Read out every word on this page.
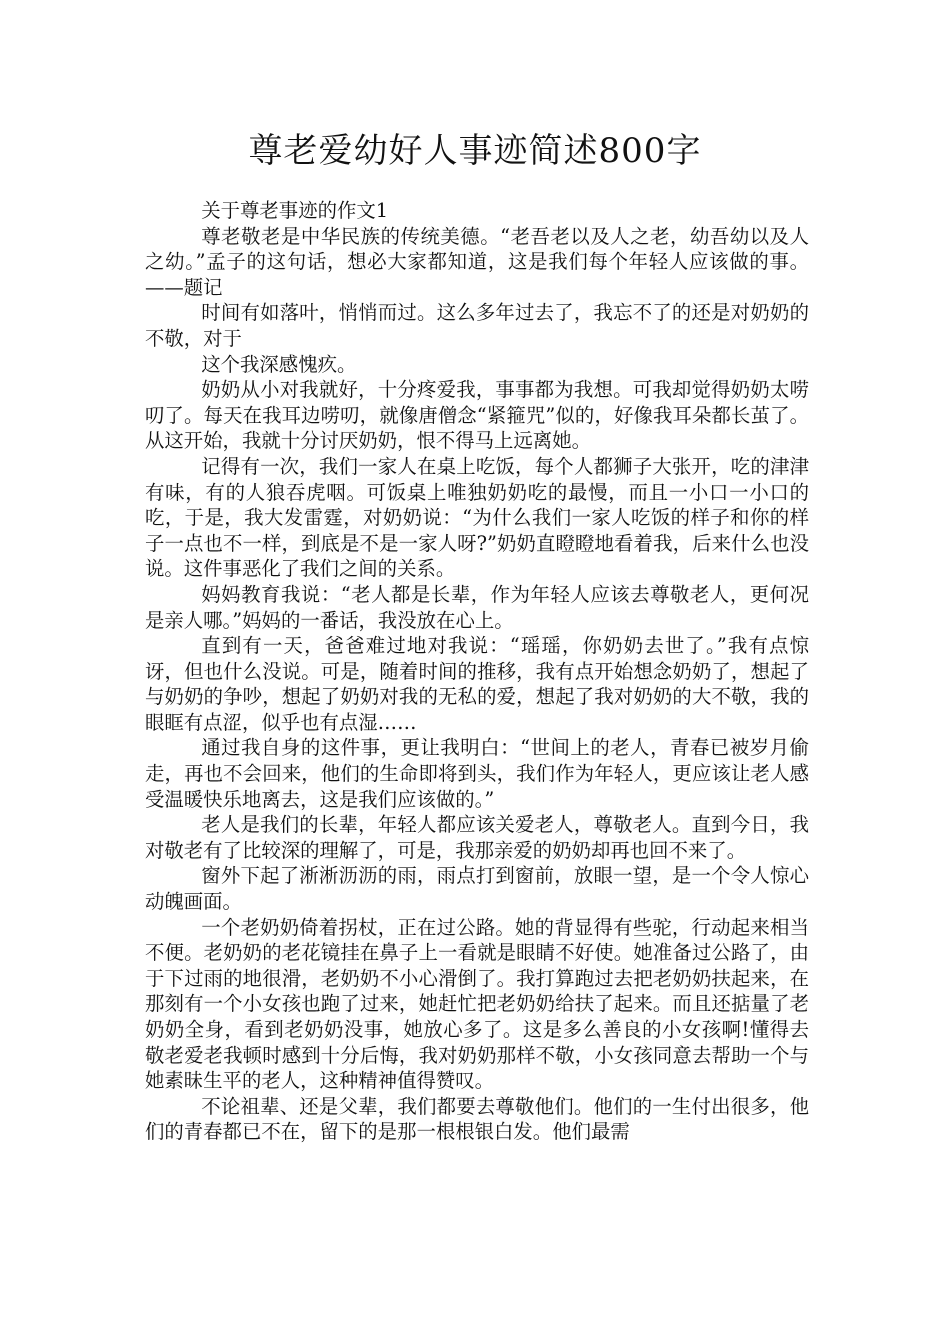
尊老爱幼好人事迹简述800字

关于尊老事迹的作文1

尊老敬老是中华民族的传统美德。“老吾老以及人之老，幼吾幼以及人之幼。”孟子的这句话，想必大家都知道，这是我们每个年轻人应该做的事。——题记

时间有如落叶，悄悄而过。这么多年过去了，我忘不了的还是对奶奶的不敬，对于

这个我深感愧疚。

奶奶从小对我就好，十分疼爱我，事事都为我想。可我却觉得奶奶太唠叨了。每天在我耳边唠叨，就像唐僧念“紧箍咒”似的，好像我耳朵都长茧了。从这开始，我就十分讨厌奶奶，恨不得马上远离她。

记得有一次，我们一家人在桌上吃饭，每个人都狮子大张开，吃的津津有味，有的人狼吞虎咽。可饭桌上唯独奶奶吃的最慢，而且一小口一小口的吃，于是，我大发雷霆，对奶奶说：“为什么我们一家人吃饭的样子和你的样子一点也不一样，到底是不是一家人呀?”奶奶直瞪瞪地看着我，后来什么也没说。这件事恶化了我们之间的关系。

妈妈教育我说：“老人都是长辈，作为年轻人应该去尊敬老人，更何况是亲人哪。”妈妈的一番话，我没放在心上。

直到有一天，爸爸难过地对我说：“瑶瑶，你奶奶去世了。”我有点惊讶，但也什么没说。可是，随着时间的推移，我有点开始想念奶奶了，想起了与奶奶的争吵，想起了奶奶对我的无私的爱，想起了我对奶奶的大不敬，我的眼眶有点涩，似乎也有点湿……

通过我自身的这件事，更让我明白：“世间上的老人，青春已被岁月偷走，再也不会回来，他们的生命即将到头，我们作为年轻人，更应该让老人感受温暖快乐地离去，这是我们应该做的。”

老人是我们的长辈，年轻人都应该关爱老人，尊敬老人。直到今日，我对敬老有了比较深的理解了，可是，我那亲爱的奶奶却再也回不来了。

窗外下起了淅淅沥沥的雨，雨点打到窗前，放眼一望，是一个令人惊心动魄画面。

一个老奶奶倚着拐杖，正在过公路。她的背显得有些驼，行动起来相当不便。老奶奶的老花镜挂在鼻子上一看就是眼睛不好使。她准备过公路了，由于下过雨的地很滑，老奶奶不小心滑倒了。我打算跑过去把老奶奶扶起来，在那刻有一个小女孩也跑了过来，她赶忙把老奶奶给扶了起来。而且还掂量了老奶奶全身，看到老奶奶没事，她放心多了。这是多么善良的小女孩啊!懂得去敬老爱老我顿时感到十分后悔，我对奶奶那样不敬，小女孩同意去帮助一个与她素昧生平的老人，这种精神值得赞叹。

不论祖辈、还是父辈，我们都要去尊敬他们。他们的一生付出很多，他们的青春都已不在，留下的是那一根根银白发。他们最需
